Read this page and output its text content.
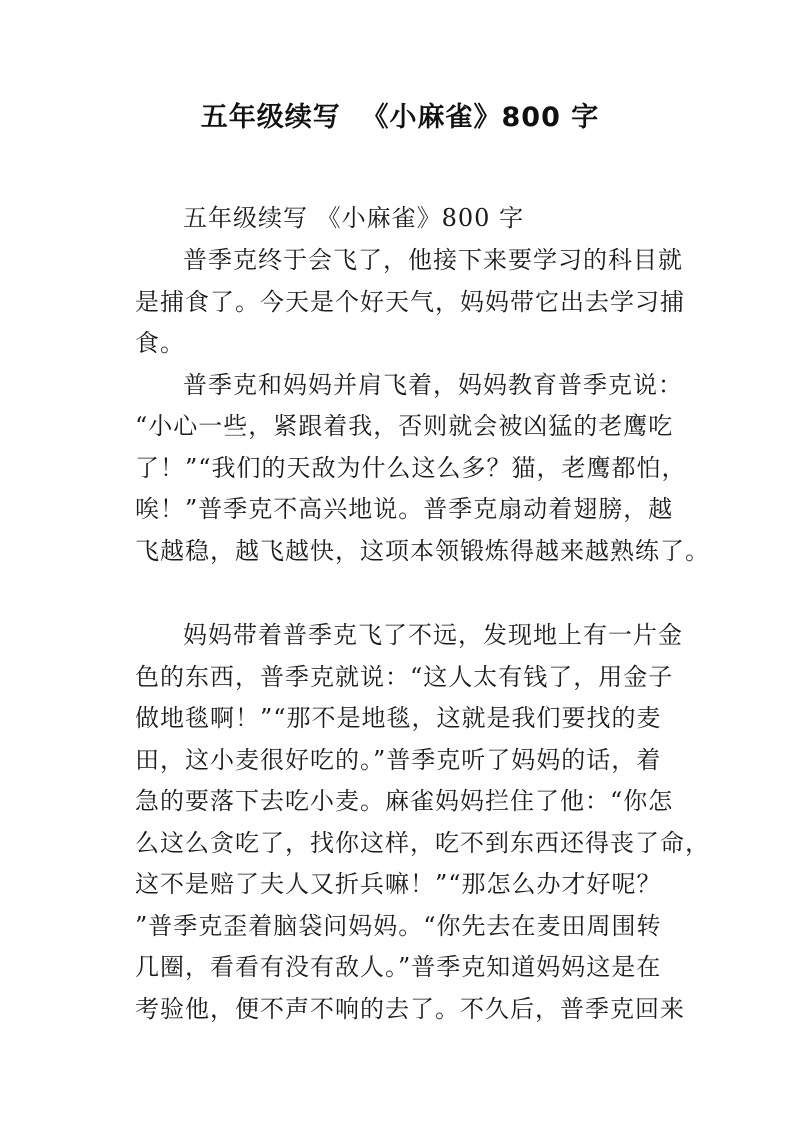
五年级续写  《小麻雀》800 字
五年级续写 《小麻雀》800 字
普季克终于会飞了，他接下来要学习的科目就
是捕食了。今天是个好天气，妈妈带它出去学习捕
食。
普季克和妈妈并肩飞着，妈妈教育普季克说：
“小心一些，紧跟着我，否则就会被凶猛的老鹰吃
了！”“我们的天敌为什么这么多？猫，老鹰都怕，
唉！”普季克不高兴地说。普季克扇动着翅膀，越
飞越稳，越飞越快，这项本领锻炼得越来越熟练了。
妈妈带着普季克飞了不远，发现地上有一片金
色的东西，普季克就说：“这人太有钱了，用金子
做地毯啊！”“那不是地毯，这就是我们要找的麦
田，这小麦很好吃的。”普季克听了妈妈的话，着
急的要落下去吃小麦。麻雀妈妈拦住了他：“你怎
么这么贪吃了，找你这样，吃不到东西还得丧了命，
这不是赔了夫人又折兵嘛！”“那怎么办才好呢？
”普季克歪着脑袋问妈妈。“你先去在麦田周围转
几圈，看看有没有敌人。”普季克知道妈妈这是在
考验他，便不声不响的去了。不久后，普季克回来
